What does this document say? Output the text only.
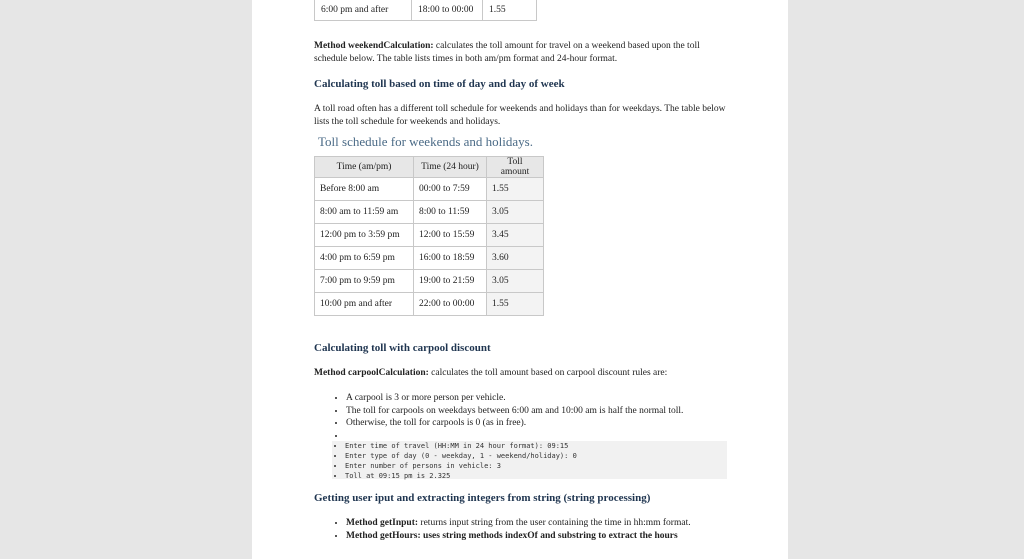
6:00 pm and after	18:00 to 00:00	1.55

Method weekendCalculation: calculates the toll amount for travel on a weekend based upon the toll schedule below. The table lists times in both am/pm format and 24-hour format.

Calculating toll based on time of day and day of week

A toll road often has a different toll schedule for weekends and holidays than for weekdays. The table below lists the toll schedule for weekends and holidays.

Toll schedule for weekends and holidays.

Time (am/pm)	Time (24 hour)	Toll amount
Before 8:00 am	00:00 to 7:59	1.55
8:00 am to 11:59 am	8:00 to 11:59	3.05
12:00 pm to 3:59 pm	12:00 to 15:59	3.45
4:00 pm to 6:59 pm	16:00 to 18:59	3.60
7:00 pm to 9:59 pm	19:00 to 21:59	3.05
10:00 pm and after	22:00 to 00:00	1.55

Calculating toll with carpool discount

Method carpoolCalculation: calculates the toll amount based on carpool discount rules are:

• A carpool is 3 or more person per vehicle.
• The toll for carpools on weekdays between 6:00 am and 10:00 am is half the normal toll.
• Otherwise, the toll for carpools is 0 (as in free).
•
• Enter time of travel (HH:MM in 24 hour format): 09:15
• Enter type of day (0 - weekday, 1 - weekend/holiday): 0
• Enter number of persons in vehicle: 3
• Toll at 09:15 pm is 2.325

Getting user iput and extracting integers from string (string processing)

• Method getInput: returns input string from the user containing the time in hh:mm format.
• Method getHours: uses string methods indexOf and substring to extract the hours
